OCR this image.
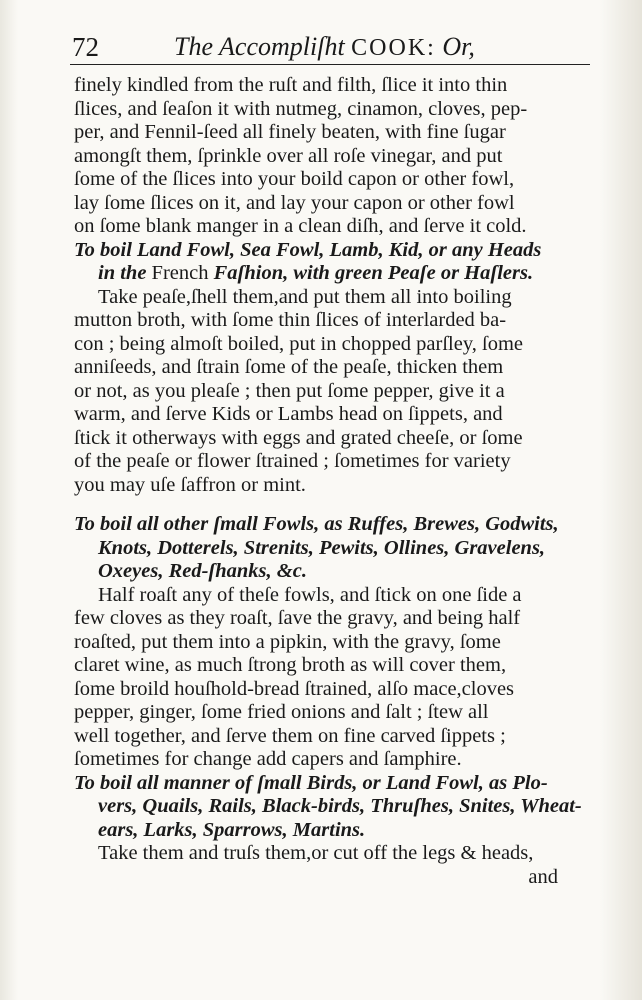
72	The Accompliſht COOK: Or,
finely kindled from the ruſt and filth, ſlice it into thin
ſlices, and ſeaſon it with nutmeg, cinamon, cloves, pep-
per, and Fennil-ſeed all finely beaten, with fine ſugar
amongſt them, ſprinkle over all roſe vinegar, and put
ſome of the ſlices into your boild capon or other fowl,
lay ſome ſlices on it, and lay your capon or other fowl
on ſome blank manger in a clean diſh, and ſerve it cold.
To boil Land Fowl, Sea Fowl, Lamb, Kid, or any Heads
in the French Faſhion, with green Peaſe or Haſlers.
Take peaſe,ſhell them,and put them all into boiling
mutton broth, with ſome thin ſlices of interlarded ba-
con ; being almoſt boiled, put in chopped parſley, ſome
anniſeeds, and ſtrain ſome of the peaſe, thicken them
or not, as you pleaſe ; then put ſome pepper, give it a
warm, and ſerve Kids or Lambs head on ſippets, and
ſtick it otherways with eggs and grated cheeſe, or ſome
of the peaſe or flower ſtrained ; ſometimes for variety
you may uſe ſaffron or mint.
To boil all other ſmall Fowls, as Ruffes, Brewes, Godwits,
Knots, Dotterels, Strenits, Pewits, Ollines, Gravelens,
Oxeyes, Red-ſhanks, &c.
Half roaſt any of theſe fowls, and ſtick on one ſide a
few cloves as they roaſt, ſave the gravy, and being half
roaſted, put them into a pipkin, with the gravy, ſome
claret wine, as much ſtrong broth as will cover them,
ſome broild houſhold-bread ſtrained, alſo mace,cloves
pepper, ginger, ſome fried onions and ſalt ; ſtew all
well together, and ſerve them on fine carved ſippets ;
ſometimes for change add capers and ſamphire.
To boil all manner of ſmall Birds, or Land Fowl, as Plo-
vers, Quails, Rails, Black-birds, Thruſhes, Snites, Wheat-
ears, Larks, Sparrows, Martins.
Take them and truſs them,or cut off the legs & heads,
and
